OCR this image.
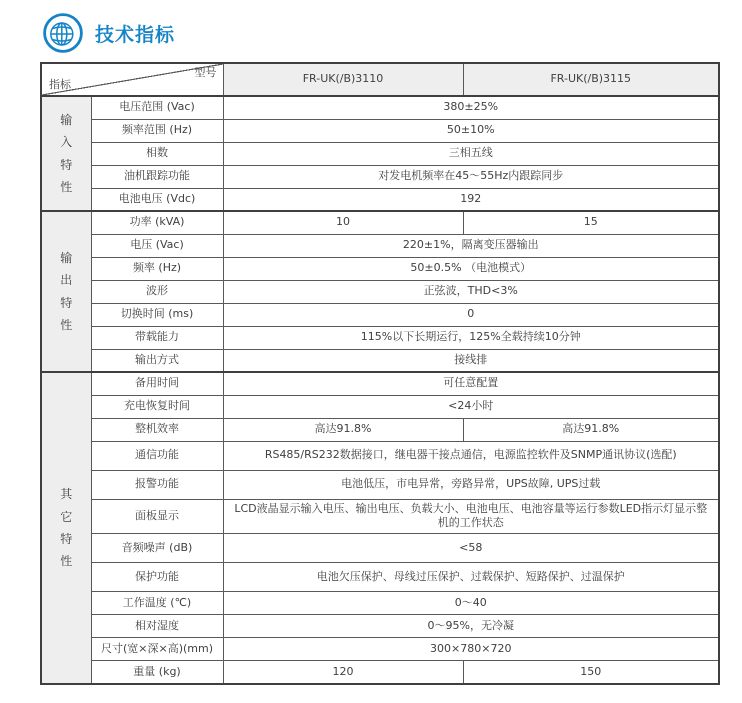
技术指标
型号
指标		FR-UK(/B)3110	FR-UK(/B)3115
输入特性	电压范围 (Vac)	380±25%	
	频率范围 (Hz)	50±10%	
	相数	三相五线	
	油机跟踪功能	对发电机频率在45～55Hz内跟踪同步	
	电池电压 (Vdc)	192	
输出特性	功率 (kVA)	10	15
	电压 (Vac)	220±1%，隔离变压器输出	
	频率 (Hz)	50±0.5% （电池模式）	
	波形	正弦波，THD<3%	
	切换时间 (ms)	0	
	带载能力	115%以下长期运行，125%全载持续10分钟	
	输出方式	接线排	
其它特性	备用时间	可任意配置	
	充电恢复时间	<24小时	
	整机效率	高达91.8%	高达91.8%
	通信功能	RS485/RS232数据接口，继电器干接点通信，电源监控软件及SNMP通讯协议(选配)	
	报警功能	电池低压，市电异常，旁路异常，UPS故障, UPS过载	
	面板显示	LCD液晶显示输入电压、输出电压、负载大小、电池电压、电池容量等运行参数LED指示灯显示整机的工作状态	
	音频噪声 (dB)	<58	
	保护功能	电池欠压保护、母线过压保护、过载保护、短路保护、过温保护	
	工作温度 (℃)	0～40	
	相对湿度	0～95%，无冷凝	
	尺寸(宽×深×高)(mm)	300×780×720	
	重量 (kg)	120	150
